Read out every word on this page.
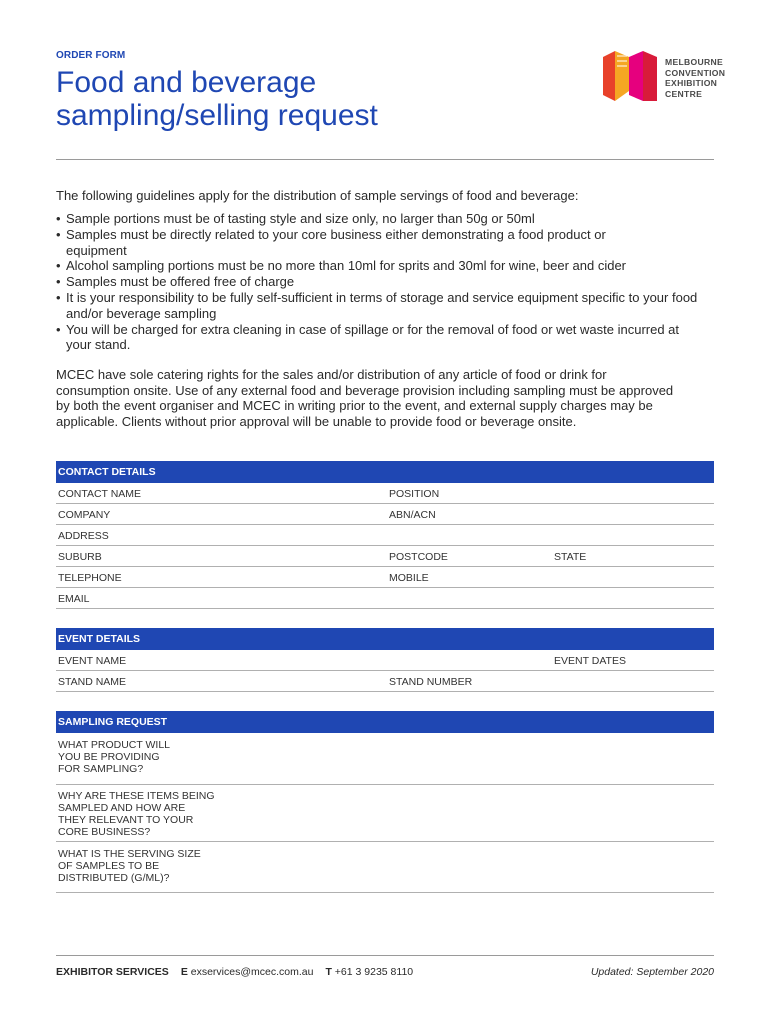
ORDER FORM
Food and beverage
sampling/selling request
MELBOURNE
CONVENTION
EXHIBITION
CENTRE
The following guidelines apply for the distribution of sample servings of food and beverage:
• Sample portions must be of tasting style and size only, no larger than 50g or 50ml
• Samples must be directly related to your core business either demonstrating a food product or equipment
• Alcohol sampling portions must be no more than 10ml for sprits and 30ml for wine, beer and cider
• Samples must be offered free of charge
• It is your responsibility to be fully self-sufficient in terms of storage and service equipment specific to your food and/or beverage sampling
• You will be charged for extra cleaning in case of spillage or for the removal of food or wet waste incurred at your stand.
MCEC have sole catering rights for the sales and/or distribution of any article of food or drink for consumption onsite. Use of any external food and beverage provision including sampling must be approved by both the event organiser and MCEC in writing prior to the event, and external supply charges may be applicable. Clients without prior approval will be unable to provide food or beverage onsite.
CONTACT DETAILS
CONTACT NAME	POSITION
COMPANY	ABN/ACN
ADDRESS
SUBURB	POSTCODE	STATE
TELEPHONE	MOBILE
EMAIL
EVENT DETAILS
EVENT NAME	EVENT DATES
STAND NAME	STAND NUMBER
SAMPLING REQUEST
WHAT PRODUCT WILL
YOU BE PROVIDING
FOR SAMPLING?
WHY ARE THESE ITEMS BEING
SAMPLED AND HOW ARE
THEY RELEVANT TO YOUR
CORE BUSINESS?
WHAT IS THE SERVING SIZE
OF SAMPLES TO BE
DISTRIBUTED (G/ML)?
EXHIBITOR SERVICES E exservices@mcec.com.au T +61 3 9235 8110	Updated: September 2020
